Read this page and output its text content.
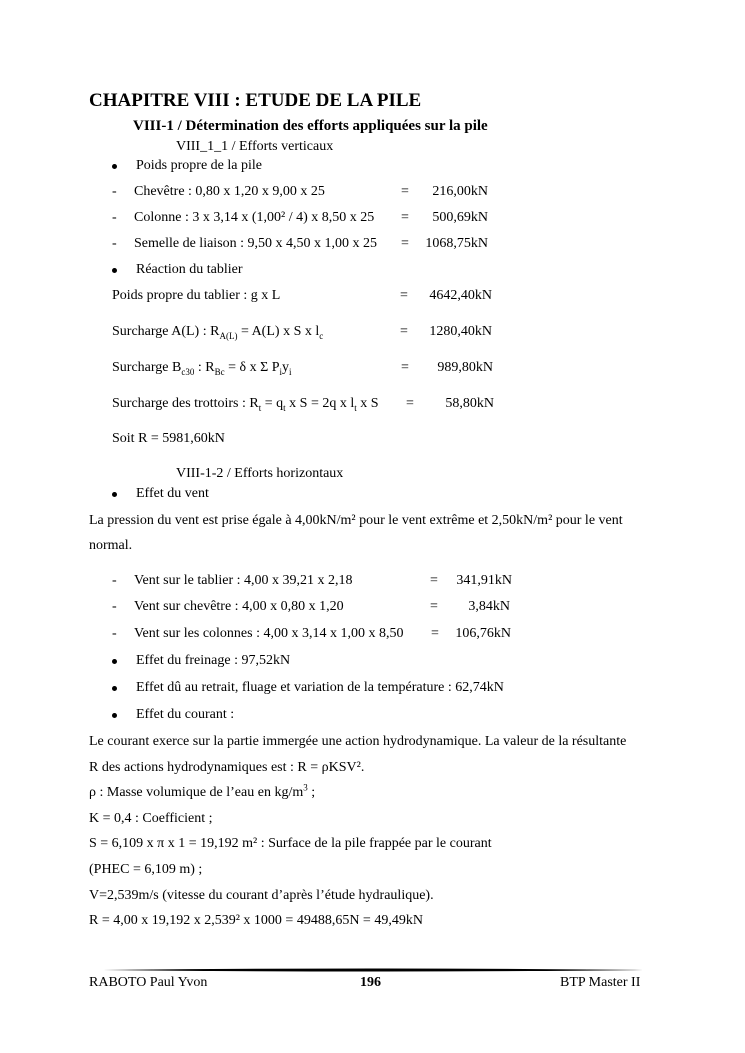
CHAPITRE VIII : ETUDE DE LA PILE
VIII-1 / Détermination des efforts appliquées sur la pile
VIII_1_1 / Efforts verticaux
Poids propre de la pile
- Chevêtre : 0,80 x 1,20 x 9,00 x 25	=	216,00kN
- Colonne : 3 x 3,14 x (1,00² / 4) x 8,50 x 25 =	500,69kN
- Semelle de liaison : 9,50 x 4,50 x 1,00 x 25 =	1068,75kN
Réaction du tablier
Poids propre du tablier : g x L	=	4642,40kN
Surcharge A(L) : $R_{A(L)} = A(L)$ x S x $l_c$	=	1280,40kN
Surcharge $B_{c30}$ : $R_{Bc} = \delta$ x Σ $P_iy_i$	=	989,80kN
Surcharge des trottoirs : $R_t = q_t$ x S = 2q x $l_t$ x S =	58,80kN
Soit R = 5981,60kN
VIII-1-2 / Efforts horizontaux
Effet du vent
La pression du vent est prise égale à 4,00kN/m² pour le vent extrême et 2,50kN/m² pour le vent
normal.
- Vent sur le tablier : 4,00 x 39,21 x 2,18	=	341,91kN
- Vent sur chevêtre : 4,00 x 0,80 x 1,20	=	3,84kN
- Vent sur les colonnes : 4,00 x 3,14 x 1,00 x 8,50 =	106,76kN
Effet du freinage : 97,52kN
Effet dû au retrait, fluage et variation de la température : 62,74kN
Effet du courant :
Le courant exerce sur la partie immergée une action hydrodynamique. La valeur de la résultante
R des actions hydrodynamiques est : R = ρKSV².
ρ : Masse volumique de l’eau en $kg/m^3$ ;
K = 0,4 : Coefficient ;
S = 6,109 x π x 1 = 19,192 m² : Surface de la pile frappée par le courant
(PHEC = 6,109 m) ;
V=2,539m/s (vitesse du courant d’après l’étude hydraulique).
R = 4,00 x 19,192 x 2,539² x 1000 = 49488,65N = 49,49kN
RABOTO Paul Yvon	196	BTP Master II
